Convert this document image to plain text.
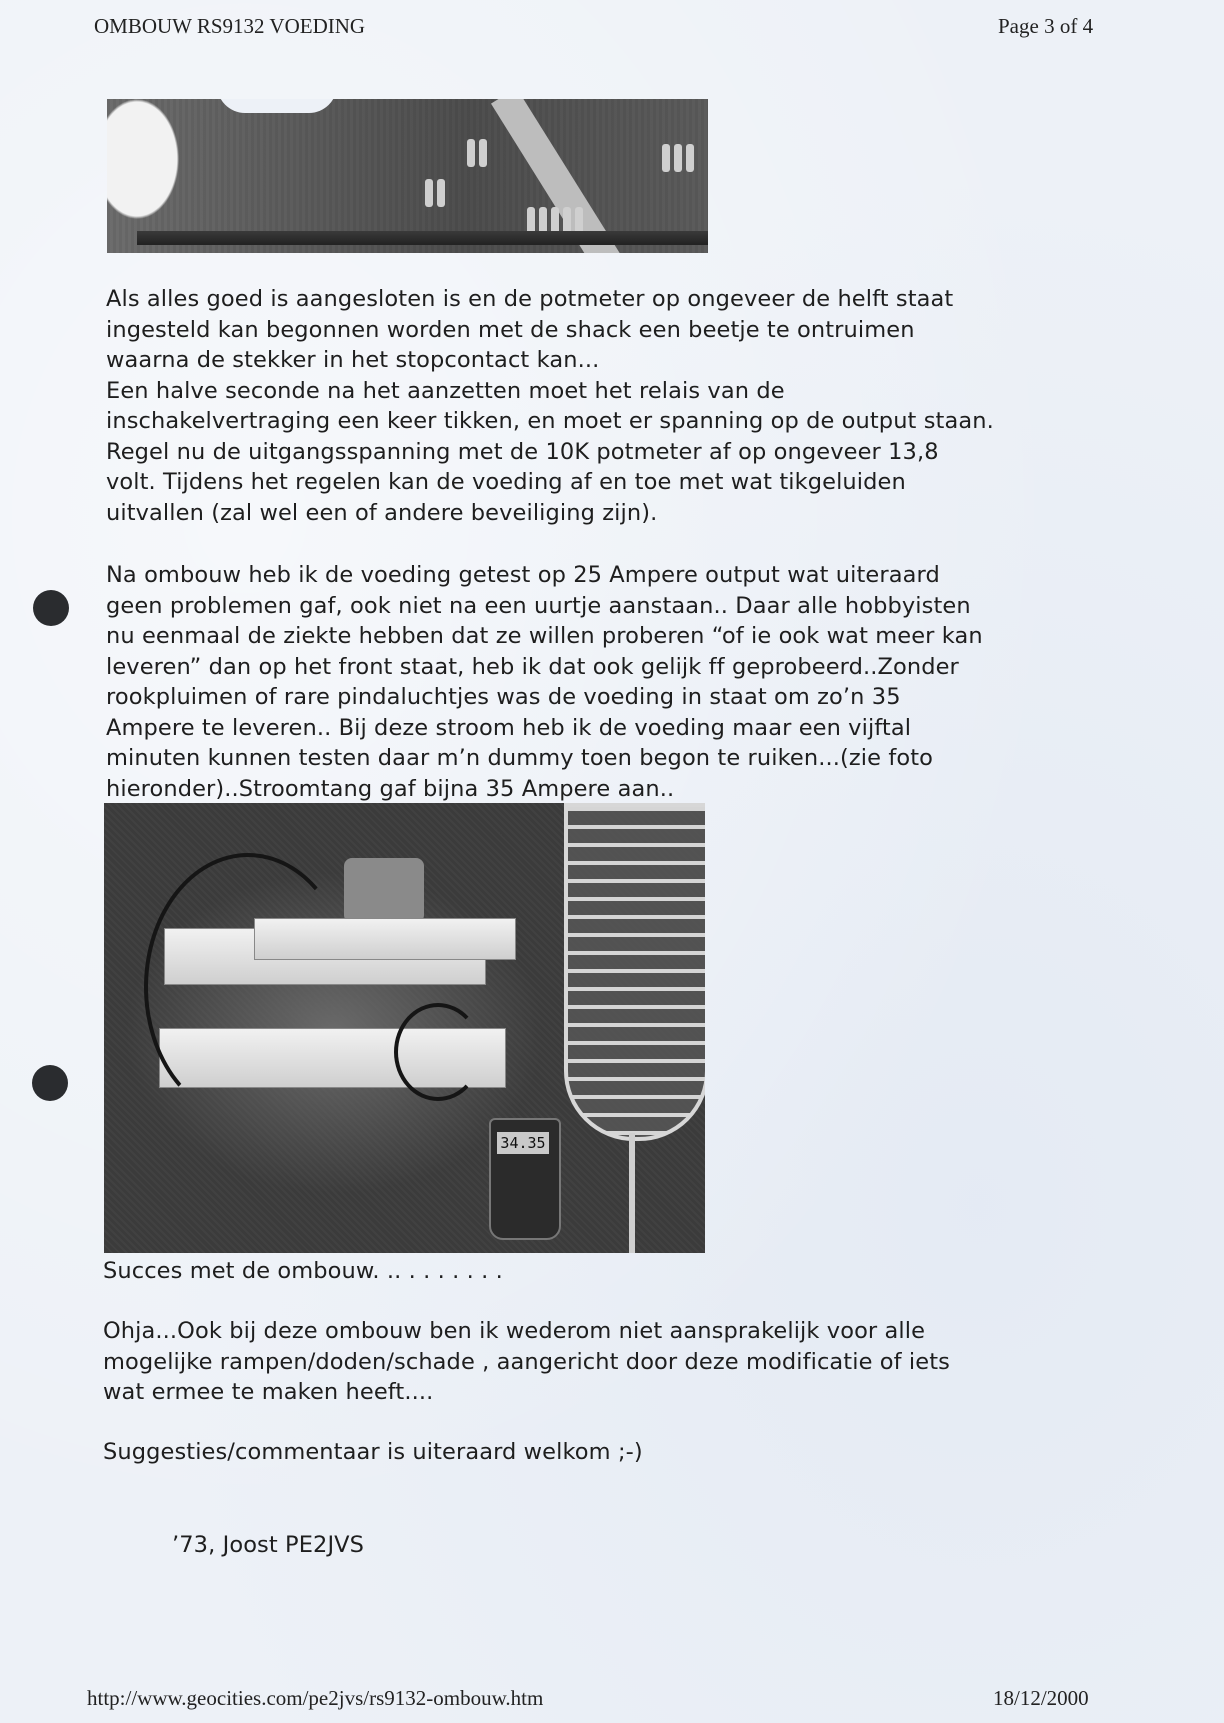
OMBOUW RS9132 VOEDING	Page 3 of 4
Als alles goed is aangesloten is en de potmeter op ongeveer de helft staat
ingesteld kan begonnen worden met de shack een beetje te ontruimen
waarna de stekker in het stopcontact kan...
Een halve seconde na het aanzetten moet het relais van de
inschakelvertraging een keer tikken, en moet er spanning op de output staan.
Regel nu de uitgangsspanning met de 10K potmeter af op ongeveer 13,8
volt. Tijdens het regelen kan de voeding af en toe met wat tikgeluiden
uitvallen (zal wel een of andere beveiliging zijn).
Na ombouw heb ik de voeding getest op 25 Ampere output wat uiteraard
geen problemen gaf, ook niet na een uurtje aanstaan.. Daar alle hobbyisten
nu eenmaal de ziekte hebben dat ze willen proberen “of ie ook wat meer kan
leveren” dan op het front staat, heb ik dat ook gelijk ff geprobeerd..Zonder
rookpluimen of rare pindaluchtjes was de voeding in staat om zo’n 35
Ampere te leveren.. Bij deze stroom heb ik de voeding maar een vijftal
minuten kunnen testen daar m’n dummy toen begon te ruiken...(zie foto
hieronder)..Stroomtang gaf bijna 35 Ampere aan..
34.35
Succes met de ombouw. .. . . . . . . .
Ohja...Ook bij deze ombouw ben ik wederom niet aansprakelijk voor alle
mogelijke rampen/doden/schade , aangericht door deze modificatie of iets
wat ermee te maken heeft....
Suggesties/commentaar is uiteraard welkom ;-)
’73, Joost PE2JVS
http://www.geocities.com/pe2jvs/rs9132-ombouw.htm	18/12/2000
